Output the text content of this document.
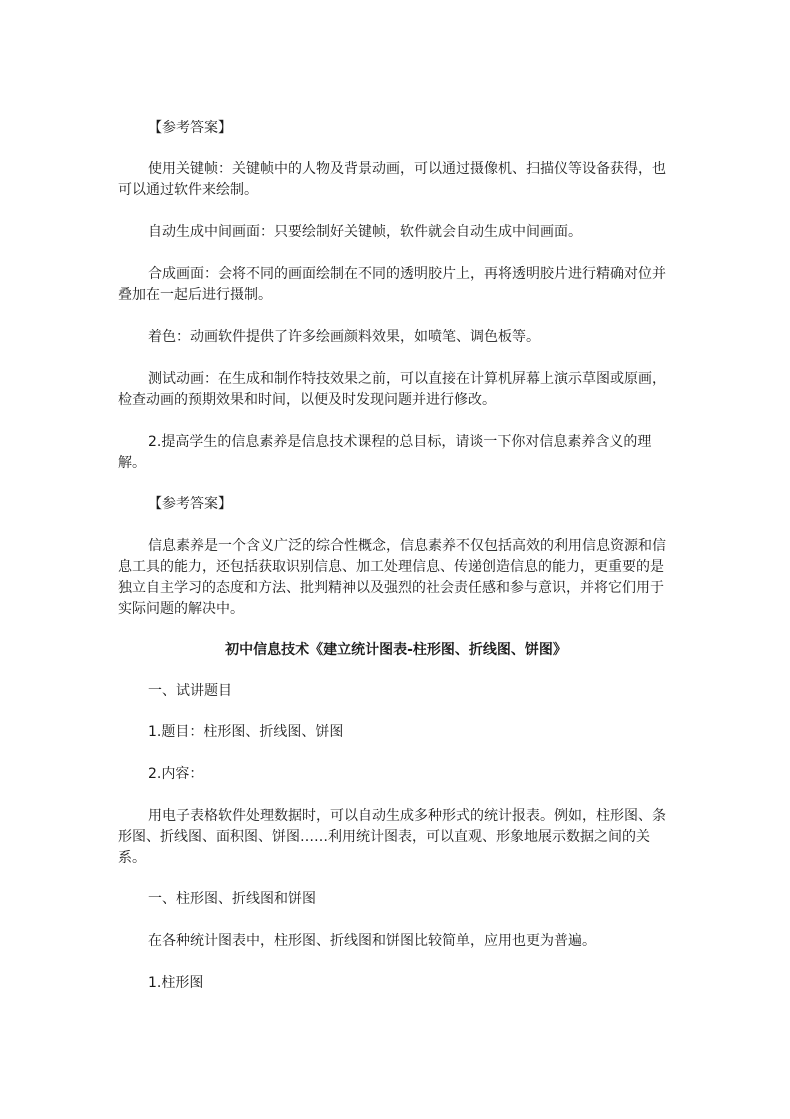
【参考答案】

使用关键帧：关键帧中的人物及背景动画，可以通过摄像机、扫描仪等设备获得，也可以通过软件来绘制。

自动生成中间画面：只要绘制好关键帧，软件就会自动生成中间画面。

合成画面：会将不同的画面绘制在不同的透明胶片上，再将透明胶片进行精确对位并叠加在一起后进行摄制。

着色：动画软件提供了许多绘画颜料效果，如喷笔、调色板等。

测试动画：在生成和制作特技效果之前，可以直接在计算机屏幕上演示草图或原画，检查动画的预期效果和时间，以便及时发现问题并进行修改。

2.提高学生的信息素养是信息技术课程的总目标，请谈一下你对信息素养含义的理解。

【参考答案】

信息素养是一个含义广泛的综合性概念，信息素养不仅包括高效的利用信息资源和信息工具的能力，还包括获取识别信息、加工处理信息、传递创造信息的能力，更重要的是独立自主学习的态度和方法、批判精神以及强烈的社会责任感和参与意识，并将它们用于实际问题的解决中。

初中信息技术《建立统计图表-柱形图、折线图、饼图》

一、试讲题目

1.题目：柱形图、折线图、饼图

2.内容：

用电子表格软件处理数据时，可以自动生成多种形式的统计报表。例如，柱形图、条形图、折线图、面积图、饼图……利用统计图表，可以直观、形象地展示数据之间的关系。

一、柱形图、折线图和饼图

在各种统计图表中，柱形图、折线图和饼图比较简单，应用也更为普遍。

1.柱形图
